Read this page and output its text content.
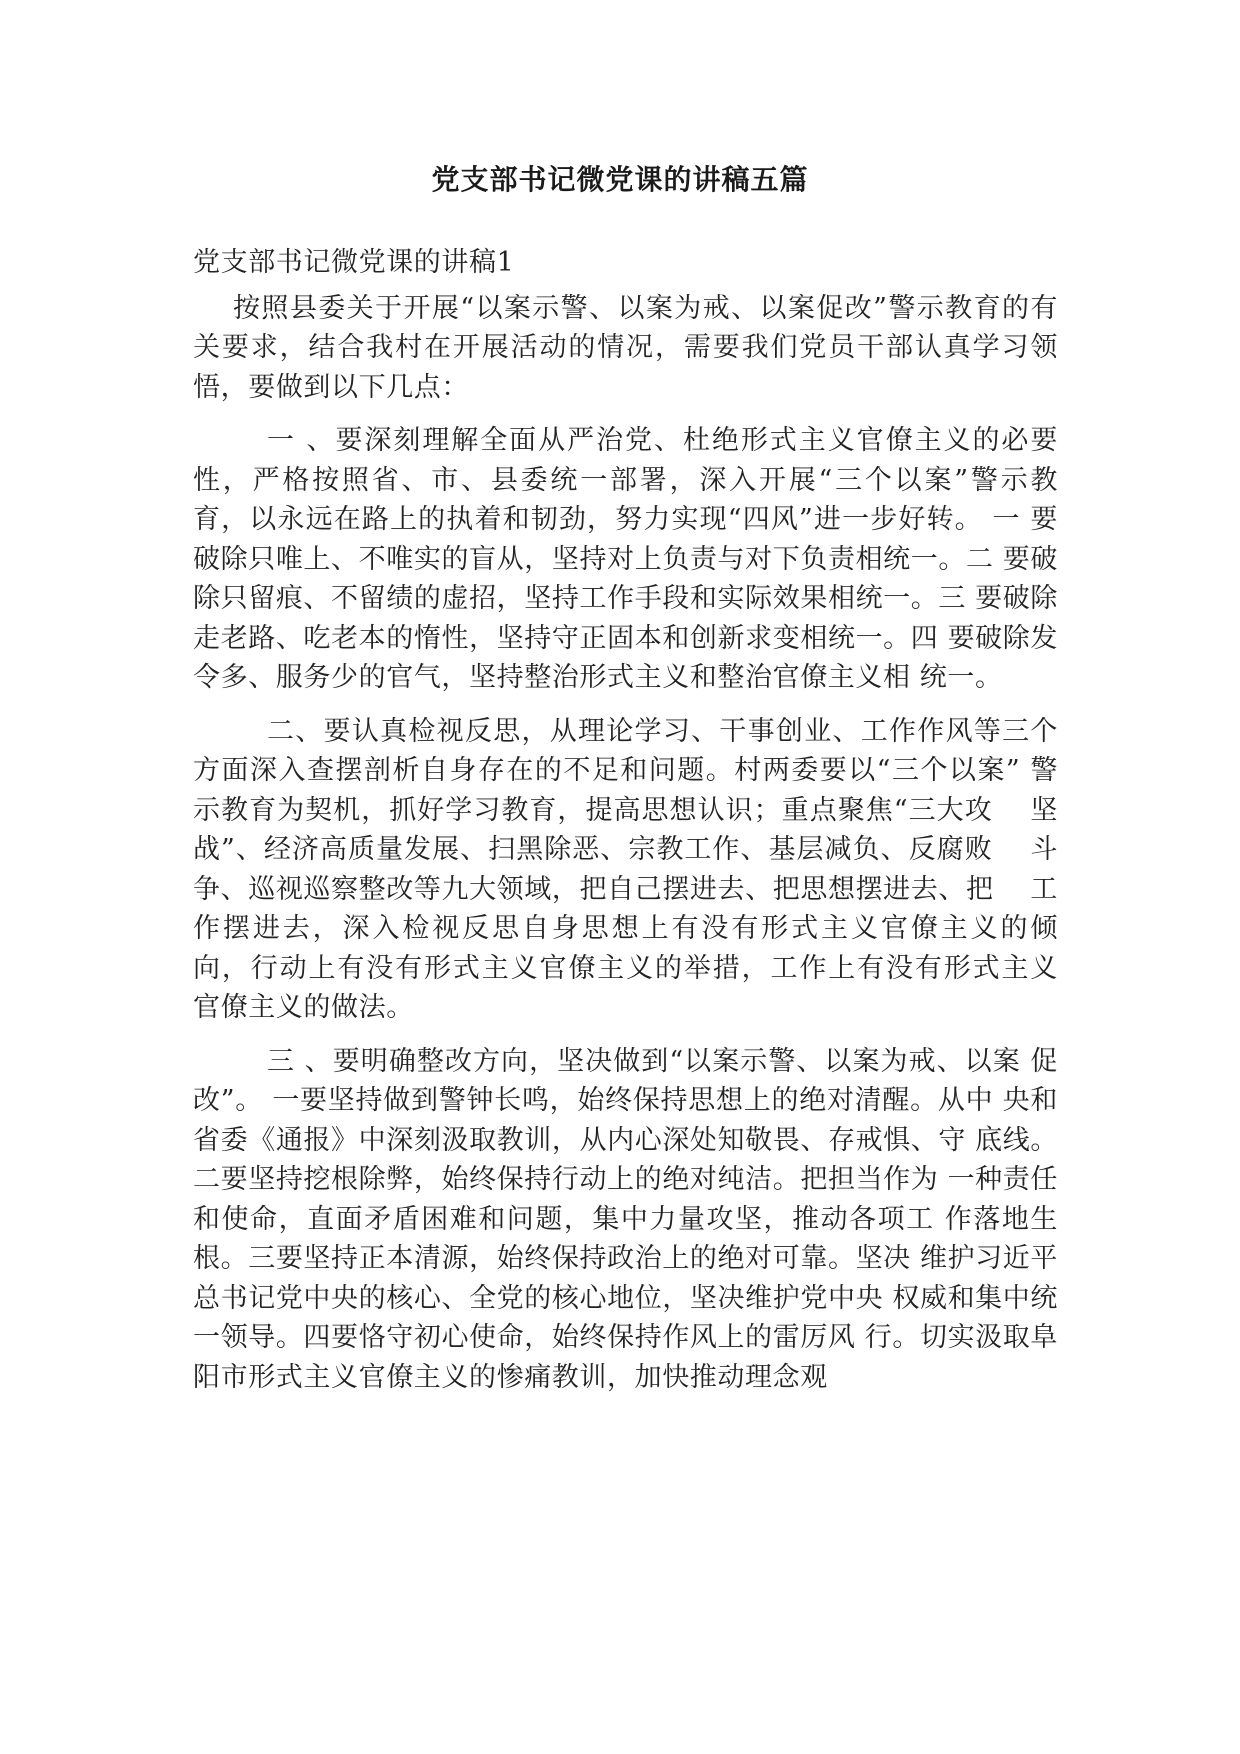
党支部书记微党课的讲稿五篇

党支部书记微党课的讲稿1

按照县委关于开展“以案示警、以案为戒、以案促改”警示教育的有关要求，结合我村在开展活动的情况，需要我们党员干部认真学习领悟，要做到以下几点：

一 、要深刻理解全面从严治党、杜绝形式主义官僚主义的必要 性，严格按照省、市、县委统一部署，深入开展“三个以案”警示教 育，以永远在路上的执着和韧劲，努力实现“四风”进一步好转。 一 要破除只唯上、不唯实的盲从，坚持对上负责与对下负责相统一。二 要破除只留痕、不留绩的虚招，坚持工作手段和实际效果相统一。三 要破除走老路、吃老本的惰性，坚持守正固本和创新求变相统一。四 要破除发令多、服务少的官气，坚持整治形式主义和整治官僚主义相 统一。

二、要认真检视反思，从理论学习、干事创业、工作作风等三个方面深入查摆剖析自身存在的不足和问题。村两委要以“三个以案” 警示教育为契机，抓好学习教育，提高思想认识；重点聚焦“三大攻　 坚战”、经济高质量发展、扫黑除恶、宗教工作、基层减负、反腐败　 斗争、巡视巡察整改等九大领域，把自己摆进去、把思想摆进去、把　 工作摆进去，深入检视反思自身思想上有没有形式主义官僚主义的倾　 向，行动上有没有形式主义官僚主义的举措，工作上有没有形式主义　 官僚主义的做法。

三 、要明确整改方向，坚决做到“以案示警、以案为戒、以案 促改”。 一要坚持做到警钟长鸣，始终保持思想上的绝对清醒。从中 央和省委《通报》中深刻汲取教训，从内心深处知敬畏、存戒惧、守 底线。二要坚持挖根除弊，始终保持行动上的绝对纯洁。把担当作为 一种责任和使命，直面矛盾困难和问题，集中力量攻坚，推动各项工 作落地生根。三要坚持正本清源，始终保持政治上的绝对可靠。坚决 维护习近平总书记党中央的核心、全党的核心地位，坚决维护党中央 权威和集中统一领导。四要恪守初心使命，始终保持作风上的雷厉风 行。切实汲取阜阳市形式主义官僚主义的惨痛教训，加快推动理念观
